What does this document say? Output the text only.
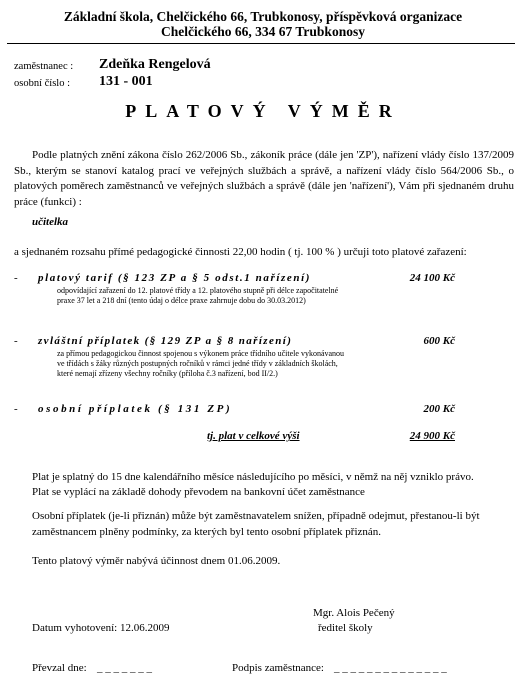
Základní škola, Chelčického 66, Trubkonosy, příspěvková organizace
Chelčického 66, 334 67 Trubkonosy
zaměstnanec : Zdeňka Rengelová
osobní číslo : 131 - 001
PLATOVÝ VÝMĚR

Podle platných znění zákona číslo 262/2006 Sb., zákoník práce (dále jen 'ZP'), nařízení vlády číslo 137/2009 Sb., kterým se stanoví katalog prací ve veřejných službách a správě, a nařízení vlády číslo 564/2006 Sb., o platových poměrech zaměstnanců ve veřejných službách a správě (dále jen 'nařízení'), Vám při sjednaném druhu práce (funkci) :

učitelka
a sjednaném rozsahu přímé pedagogické činnosti 22,00 hodin ( tj. 100 % ) určuji toto platové zařazení:
- platový tarif (§ 123 ZP a § 5 odst.1 nařízení)	24 100 Kč
odpovídající zařazení do 12. platové třídy a 12. platového stupně při délce započitatelné praxe 37 let a 218 dní (tento údaj o délce praxe zahrnuje dobu do 30.03.2012)
- zvláštní příplatek (§ 129 ZP a § 8 nařízení)	600 Kč
za přímou pedagogickou činnost spojenou s výkonem práce třídního učitele vykonávanou ve třídách s žáky různých postupných ročníků v rámci jedné třídy v základních školách, které nemají zřízeny všechny ročníky (příloha č.3 nařízení, bod II/2.)
- osobní příplatek (§ 131 ZP)	200 Kč
tj. plat v celkové výši	24 900 Kč
Plat je splatný do 15 dne kalendářního měsíce následujícího po měsíci, v němž na něj vzniklo právo.
Plat se vyplácí na základě dohody převodem na bankovní účet zaměstnance

Osobní příplatek (je-li přiznán) může být zaměstnavatelem snížen, případně odejmut, přestanou-li být zaměstnancem plněny podmínky, za kterých byl tento osobní příplatek přiznán.

Tento platový výměr nabývá účinnost dnem 01.06.2009.
Mgr. Alois Pečený
ředitel školy
Datum vyhotovení: 12.06.2009
Převzal dne: _ _ _ _ _ _ _	Podpis zaměstnance: _ _ _ _ _ _ _ _ _ _ _ _ _ _
